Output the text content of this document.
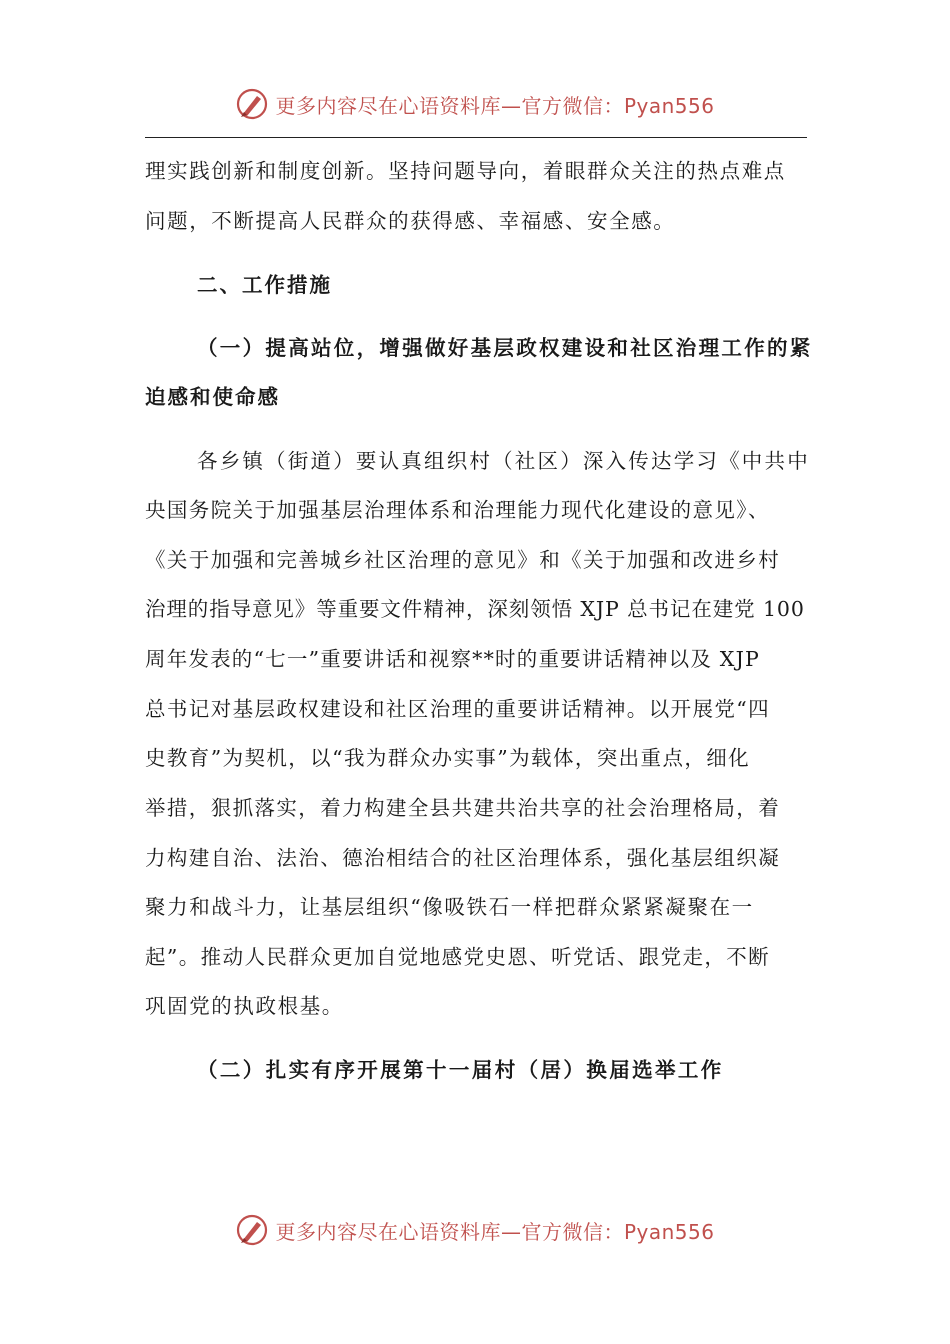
更多内容尽在心语资料库—官方微信：Pyan556
理实践创新和制度创新。坚持问题导向，着眼群众关注的热点难点
问题，不断提高人民群众的获得感、幸福感、安全感。
二、工作措施
（一）提高站位，增强做好基层政权建设和社区治理工作的紧
迫感和使命感
各乡镇（街道）要认真组织村（社区）深入传达学习《中共中
央国务院关于加强基层治理体系和治理能力现代化建设的意见》、
《关于加强和完善城乡社区治理的意见》和《关于加强和改进乡村
治理的指导意见》等重要文件精神，深刻领悟 XJP 总书记在建党 100
周年发表的“七一”重要讲话和视察**时的重要讲话精神以及 XJP
总书记对基层政权建设和社区治理的重要讲话精神。以开展党“四
史教育”为契机，以“我为群众办实事”为载体，突出重点，细化
举措，狠抓落实，着力构建全县共建共治共享的社会治理格局，着
力构建自治、法治、德治相结合的社区治理体系，强化基层组织凝
聚力和战斗力，让基层组织“像吸铁石一样把群众紧紧凝聚在一
起”。推动人民群众更加自觉地感党史恩、听党话、跟党走，不断
巩固党的执政根基。
（二）扎实有序开展第十一届村（居）换届选举工作
更多内容尽在心语资料库—官方微信：Pyan556
